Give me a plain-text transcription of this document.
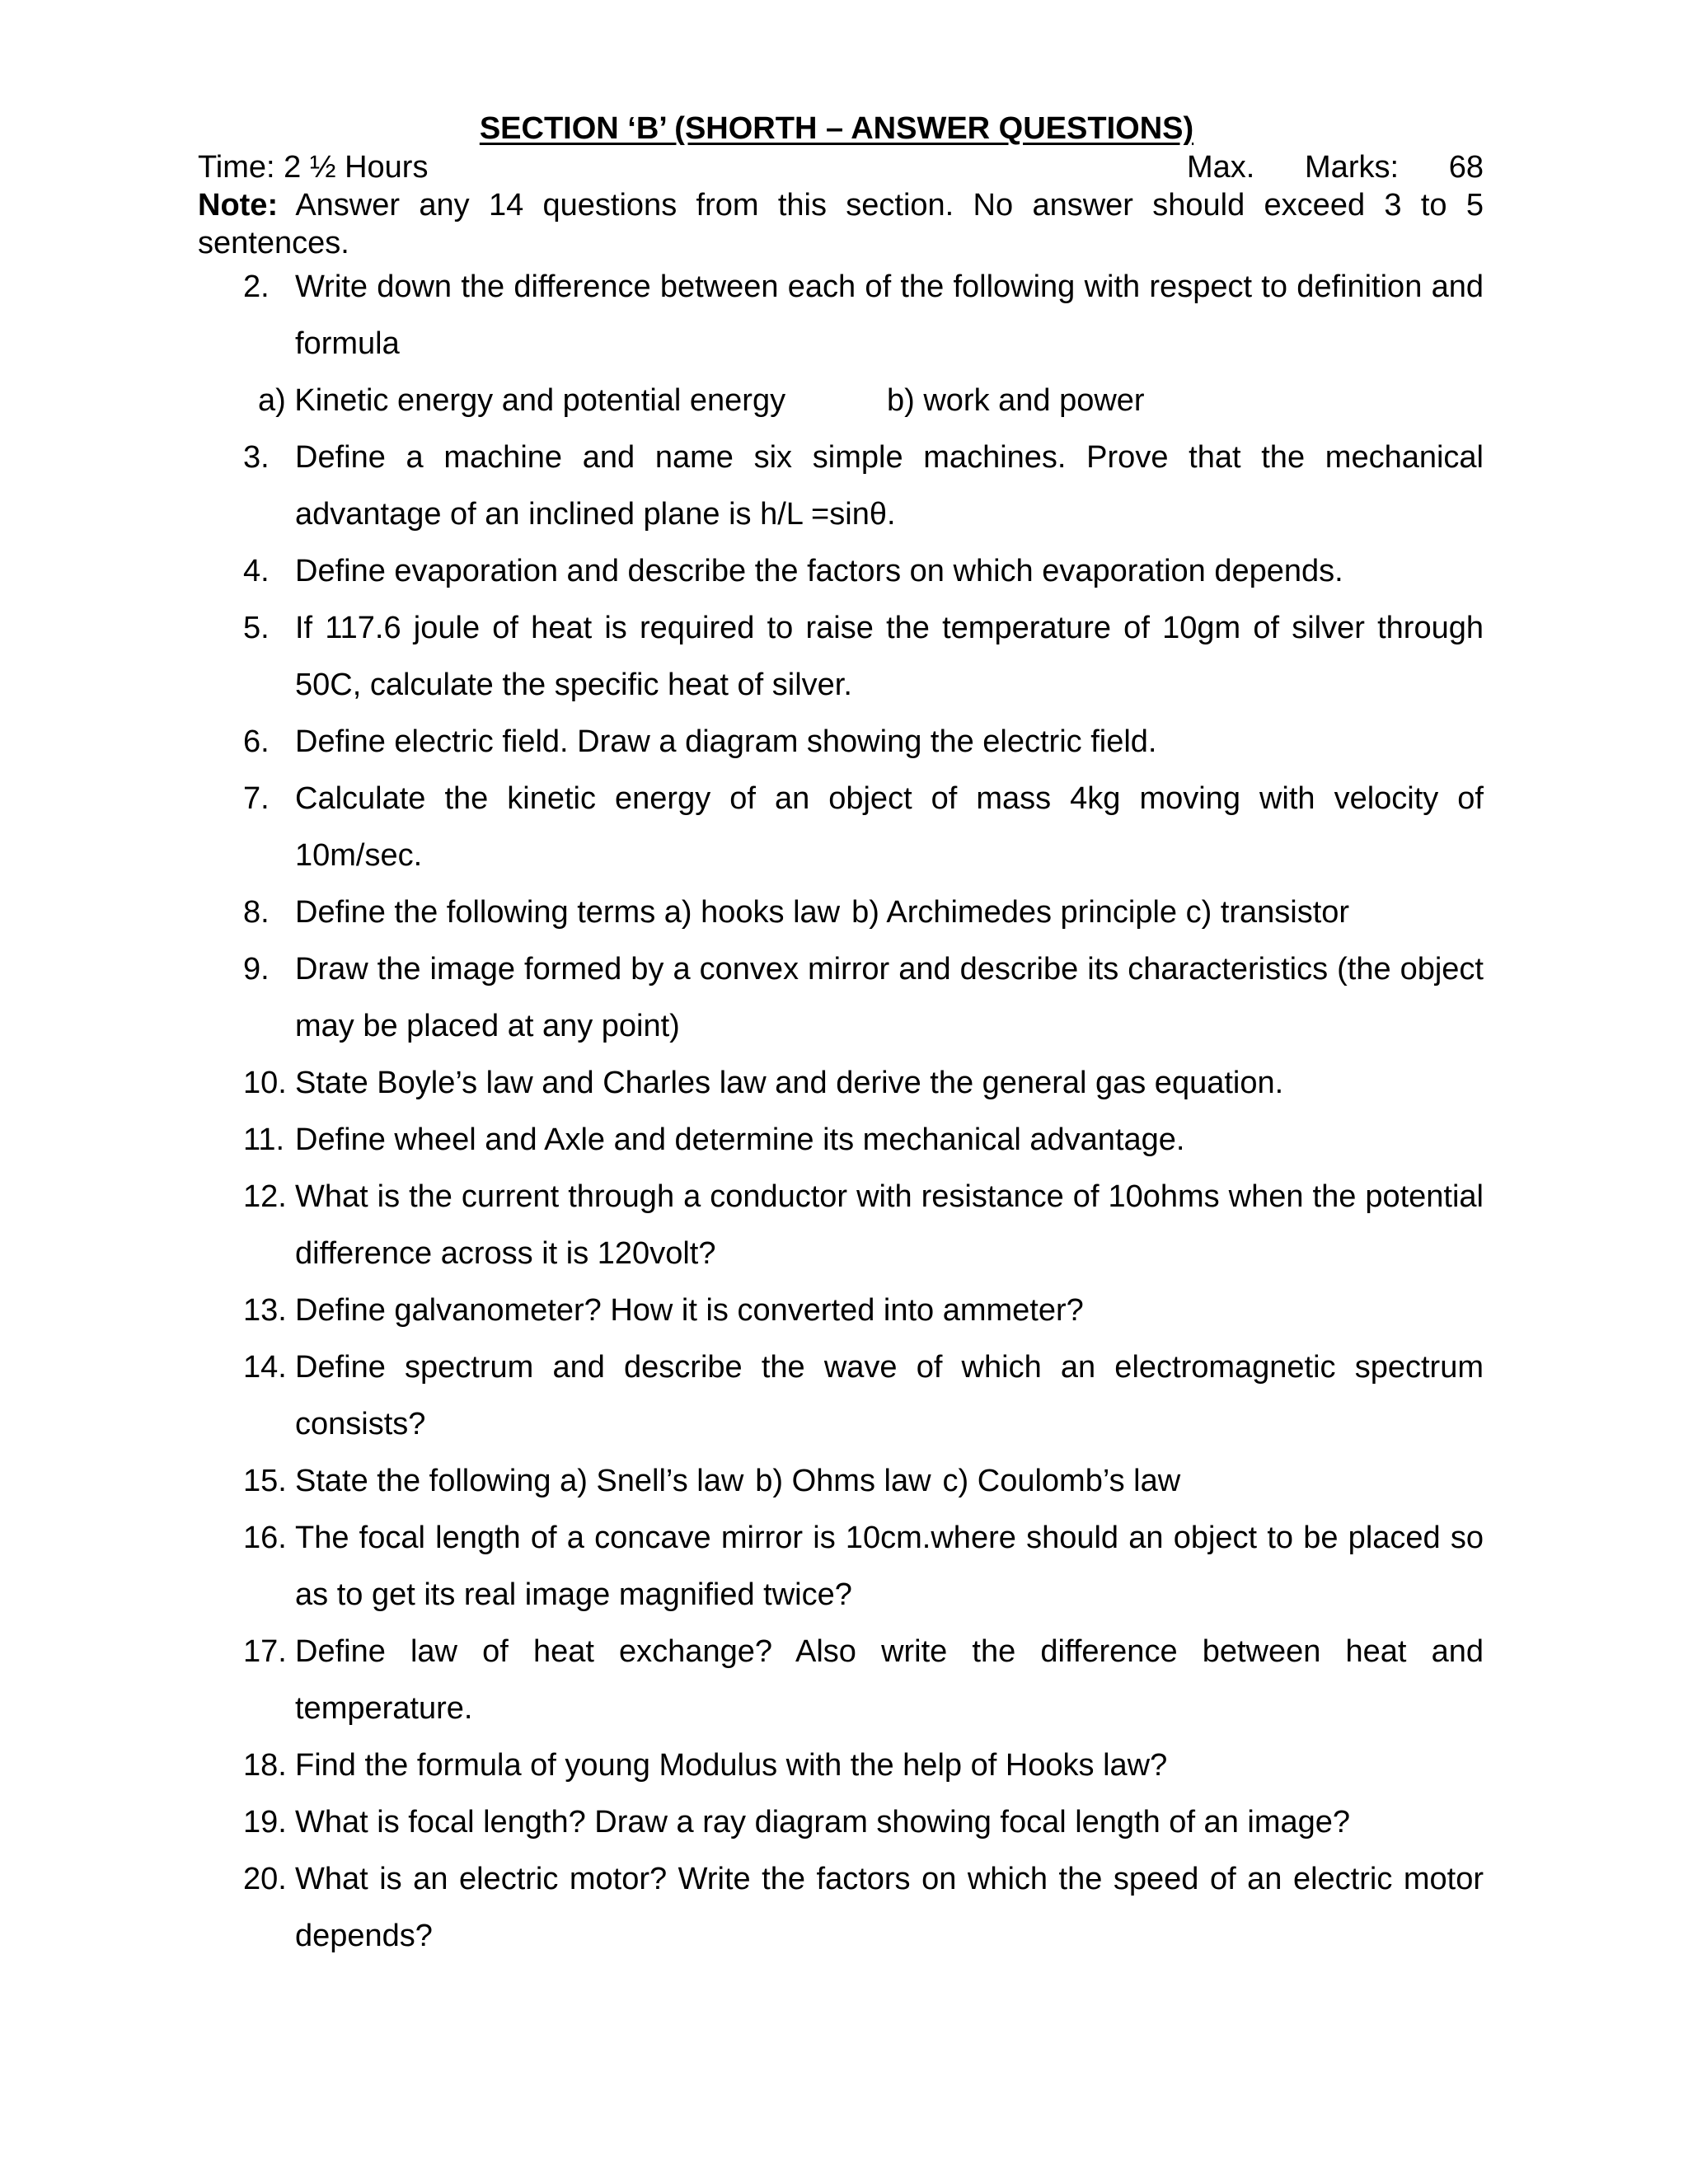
SECTION ‘B’ (SHORTH – ANSWER QUESTIONS)
Time: 2 ½ Hours	Max. Marks: 68
Note: Answer any 14 questions from this section. No answer should exceed 3 to 5 sentences.
2. Write down the difference between each of the following with respect to definition and formula
a) Kinetic energy and potential energy	b) work and power
3. Define a machine and name six simple machines. Prove that the mechanical advantage of an inclined plane is h/L =sinθ.
4. Define evaporation and describe the factors on which evaporation depends.
5. If 117.6 joule of heat is required to raise the temperature of 10gm of silver through 50C, calculate the specific heat of silver.
6. Define electric field. Draw a diagram showing the electric field.
7. Calculate the kinetic energy of an object of mass 4kg moving with velocity of 10m/sec.
8. Define the following terms a) hooks law b) Archimedes principle c) transistor
9. Draw the image formed by a convex mirror and describe its characteristics (the object may be placed at any point)
10. State Boyle’s law and Charles law and derive the general gas equation.
11. Define wheel and Axle and determine its mechanical advantage.
12. What is the current through a conductor with resistance of 10ohms when the potential difference across it is 120volt?
13. Define galvanometer? How it is converted into ammeter?
14. Define spectrum and describe the wave of which an electromagnetic spectrum consists?
15. State the following a) Snell’s law b) Ohms law c) Coulomb’s law
16. The focal length of a concave mirror is 10cm.where should an object to be placed so as to get its real image magnified twice?
17. Define law of heat exchange? Also write the difference between heat and temperature.
18. Find the formula of young Modulus with the help of Hooks law?
19. What is focal length? Draw a ray diagram showing focal length of an image?
20. What is an electric motor? Write the factors on which the speed of an electric motor depends?
